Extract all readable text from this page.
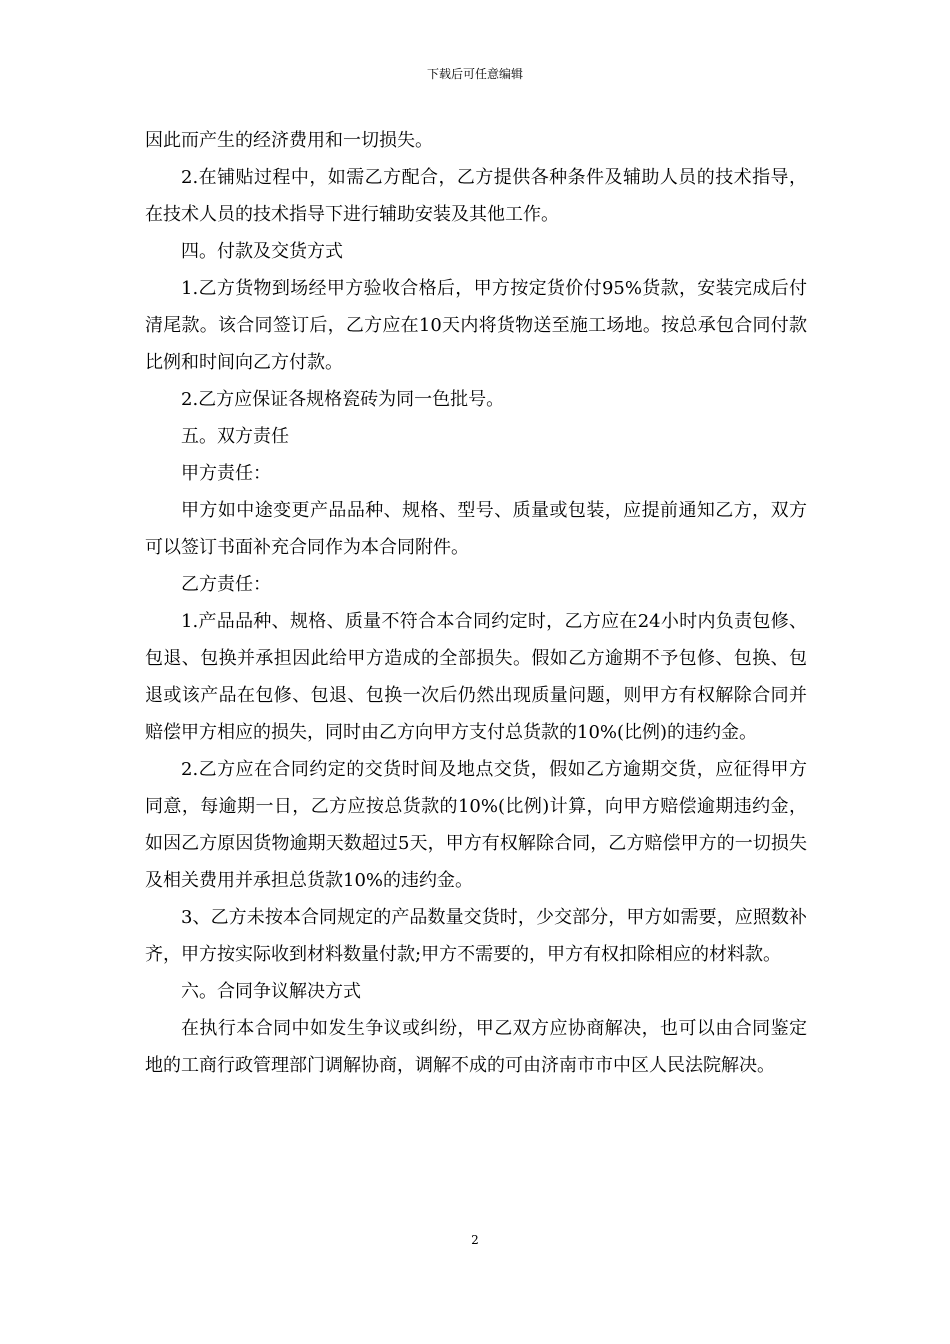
下载后可任意编辑

因此而产生的经济费用和一切损失。

2.在铺贴过程中，如需乙方配合，乙方提供各种条件及辅助人员的技术指导，在技术人员的技术指导下进行辅助安装及其他工作。

四。付款及交货方式

1.乙方货物到场经甲方验收合格后，甲方按定货价付95%货款，安装完成后付清尾款。该合同签订后，乙方应在10天内将货物送至施工场地。按总承包合同付款比例和时间向乙方付款。

2.乙方应保证各规格瓷砖为同一色批号。

五。双方责任

甲方责任：

甲方如中途变更产品品种、规格、型号、质量或包装，应提前通知乙方，双方可以签订书面补充合同作为本合同附件。

乙方责任：

1.产品品种、规格、质量不符合本合同约定时，乙方应在24小时内负责包修、包退、包换并承担因此给甲方造成的全部损失。假如乙方逾期不予包修、包换、包退或该产品在包修、包退、包换一次后仍然出现质量问题，则甲方有权解除合同并赔偿甲方相应的损失，同时由乙方向甲方支付总货款的10%(比例)的违约金。

2.乙方应在合同约定的交货时间及地点交货，假如乙方逾期交货，应征得甲方同意，每逾期一日，乙方应按总货款的10%(比例)计算，向甲方赔偿逾期违约金，如因乙方原因货物逾期天数超过5天，甲方有权解除合同，乙方赔偿甲方的一切损失及相关费用并承担总货款10%的违约金。

3、乙方未按本合同规定的产品数量交货时，少交部分，甲方如需要，应照数补齐，甲方按实际收到材料数量付款;甲方不需要的，甲方有权扣除相应的材料款。

六。合同争议解决方式

在执行本合同中如发生争议或纠纷，甲乙双方应协商解决，也可以由合同鉴定地的工商行政管理部门调解协商，调解不成的可由济南市市中区人民法院解决。

2
